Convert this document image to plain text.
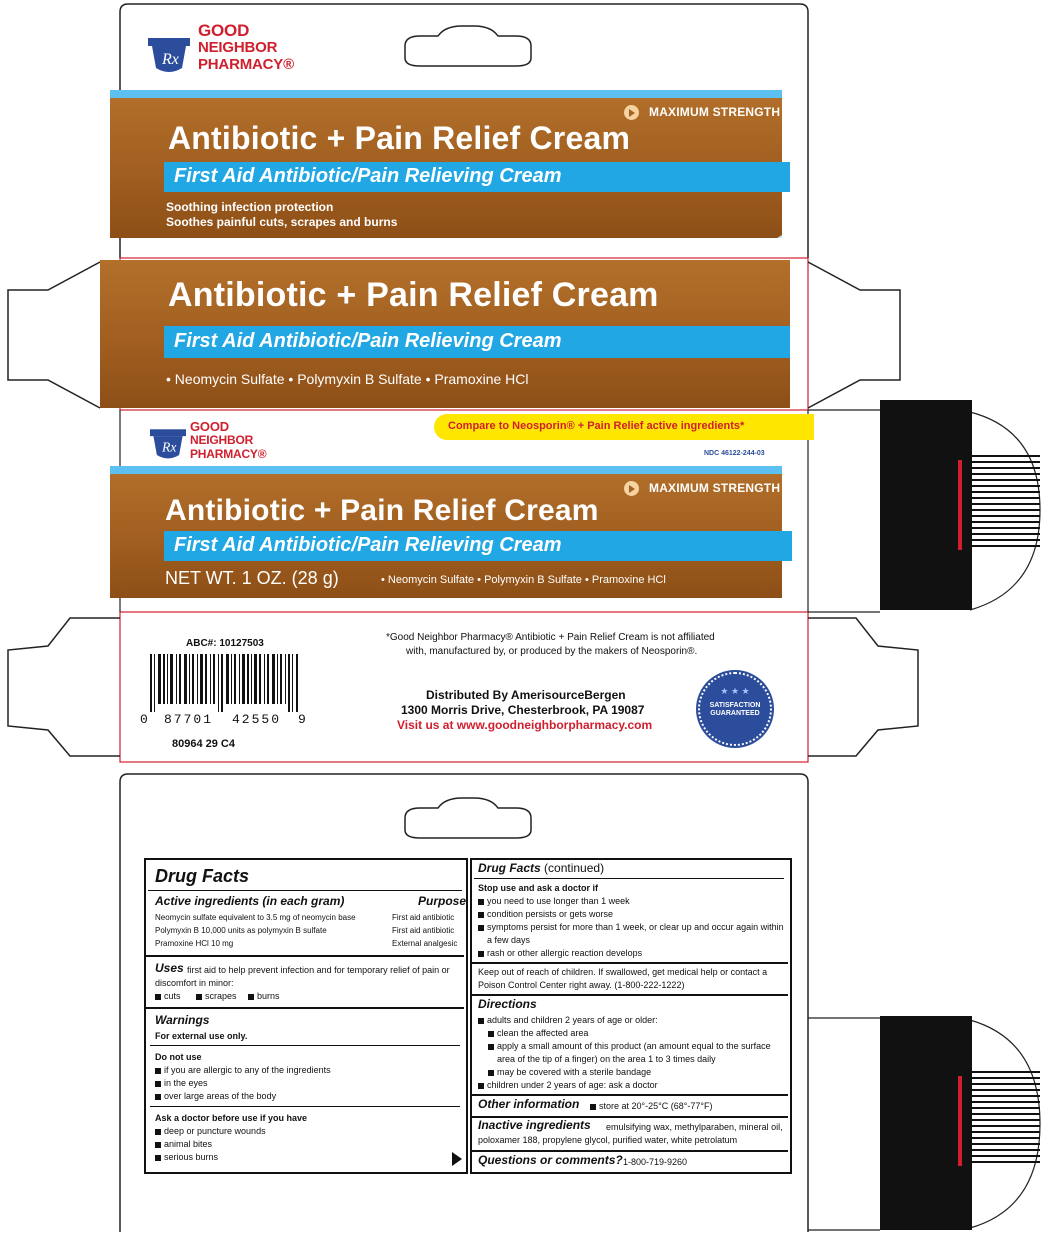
Rx
GOOD
NEIGHBOR
PHARMACY®
MAXIMUM STRENGTH
Antibiotic + Pain Relief Cream
First Aid Antibiotic/Pain Relieving Cream
Soothing infection protection
Soothes painful cuts, scrapes and burns
Antibiotic + Pain Relief Cream
First Aid Antibiotic/Pain Relieving Cream
• Neomycin Sulfate • Polymyxin B Sulfate • Pramoxine HCl
Rx
GOOD
NEIGHBOR
PHARMACY®
Compare to Neosporin® + Pain Relief active ingredients*
NDC 46122-244-03
MAXIMUM STRENGTH
Antibiotic + Pain Relief Cream
First Aid Antibiotic/Pain Relieving Cream
NET WT. 1 OZ. (28 g)	• Neomycin Sulfate • Polymyxin B Sulfate • Pramoxine HCl
ABC#: 10127503
0 87701 42550 9
80964 29 C4
*Good Neighbor Pharmacy® Antibiotic + Pain Relief Cream is not affiliated
with, manufactured by, or produced by the makers of Neosporin®.
Distributed By AmerisourceBergen
1300 Morris Drive, Chesterbrook, PA 19087
Visit us at www.goodneighborpharmacy.com
★ ★ ★
SATISFACTION GUARANTEED
Drug Facts
Active ingredients (in each gram)	Purpose
Neomycin sulfate equivalent to 3.5 mg of neomycin base	First aid antibiotic
Polymyxin B 10,000 units as polymyxin B sulfate	First aid antibiotic
Pramoxine HCl 10 mg	External analgesic
Uses first aid to help prevent infection and for temporary relief of pain or
discomfort in minor:
cuts	scrapes	burns
Warnings
For external use only.
Do not use
if you are allergic to any of the ingredients
in the eyes
over large areas of the body
Ask a doctor before use if you have
deep or puncture wounds
animal bites
serious burns
Drug Facts (continued)
Stop use and ask a doctor if
you need to use longer than 1 week
condition persists or gets worse
symptoms persist for more than 1 week, or clear up and occur again within
a few days
rash or other allergic reaction develops
Keep out of reach of children. If swallowed, get medical help or contact a
Poison Control Center right away. (1-800-222-1222)
Directions
adults and children 2 years of age or older:
clean the affected area
apply a small amount of this product (an amount equal to the surface
area of the tip of a finger) on the area 1 to 3 times daily
may be covered with a sterile bandage
children under 2 years of age: ask a doctor
Other information	store at 20°-25°C (68°-77°F)
Inactive ingredients emulsifying wax, methylparaben, mineral oil,
poloxamer 188, propylene glycol, purified water, white petrolatum
Questions or comments? 1-800-719-9260
